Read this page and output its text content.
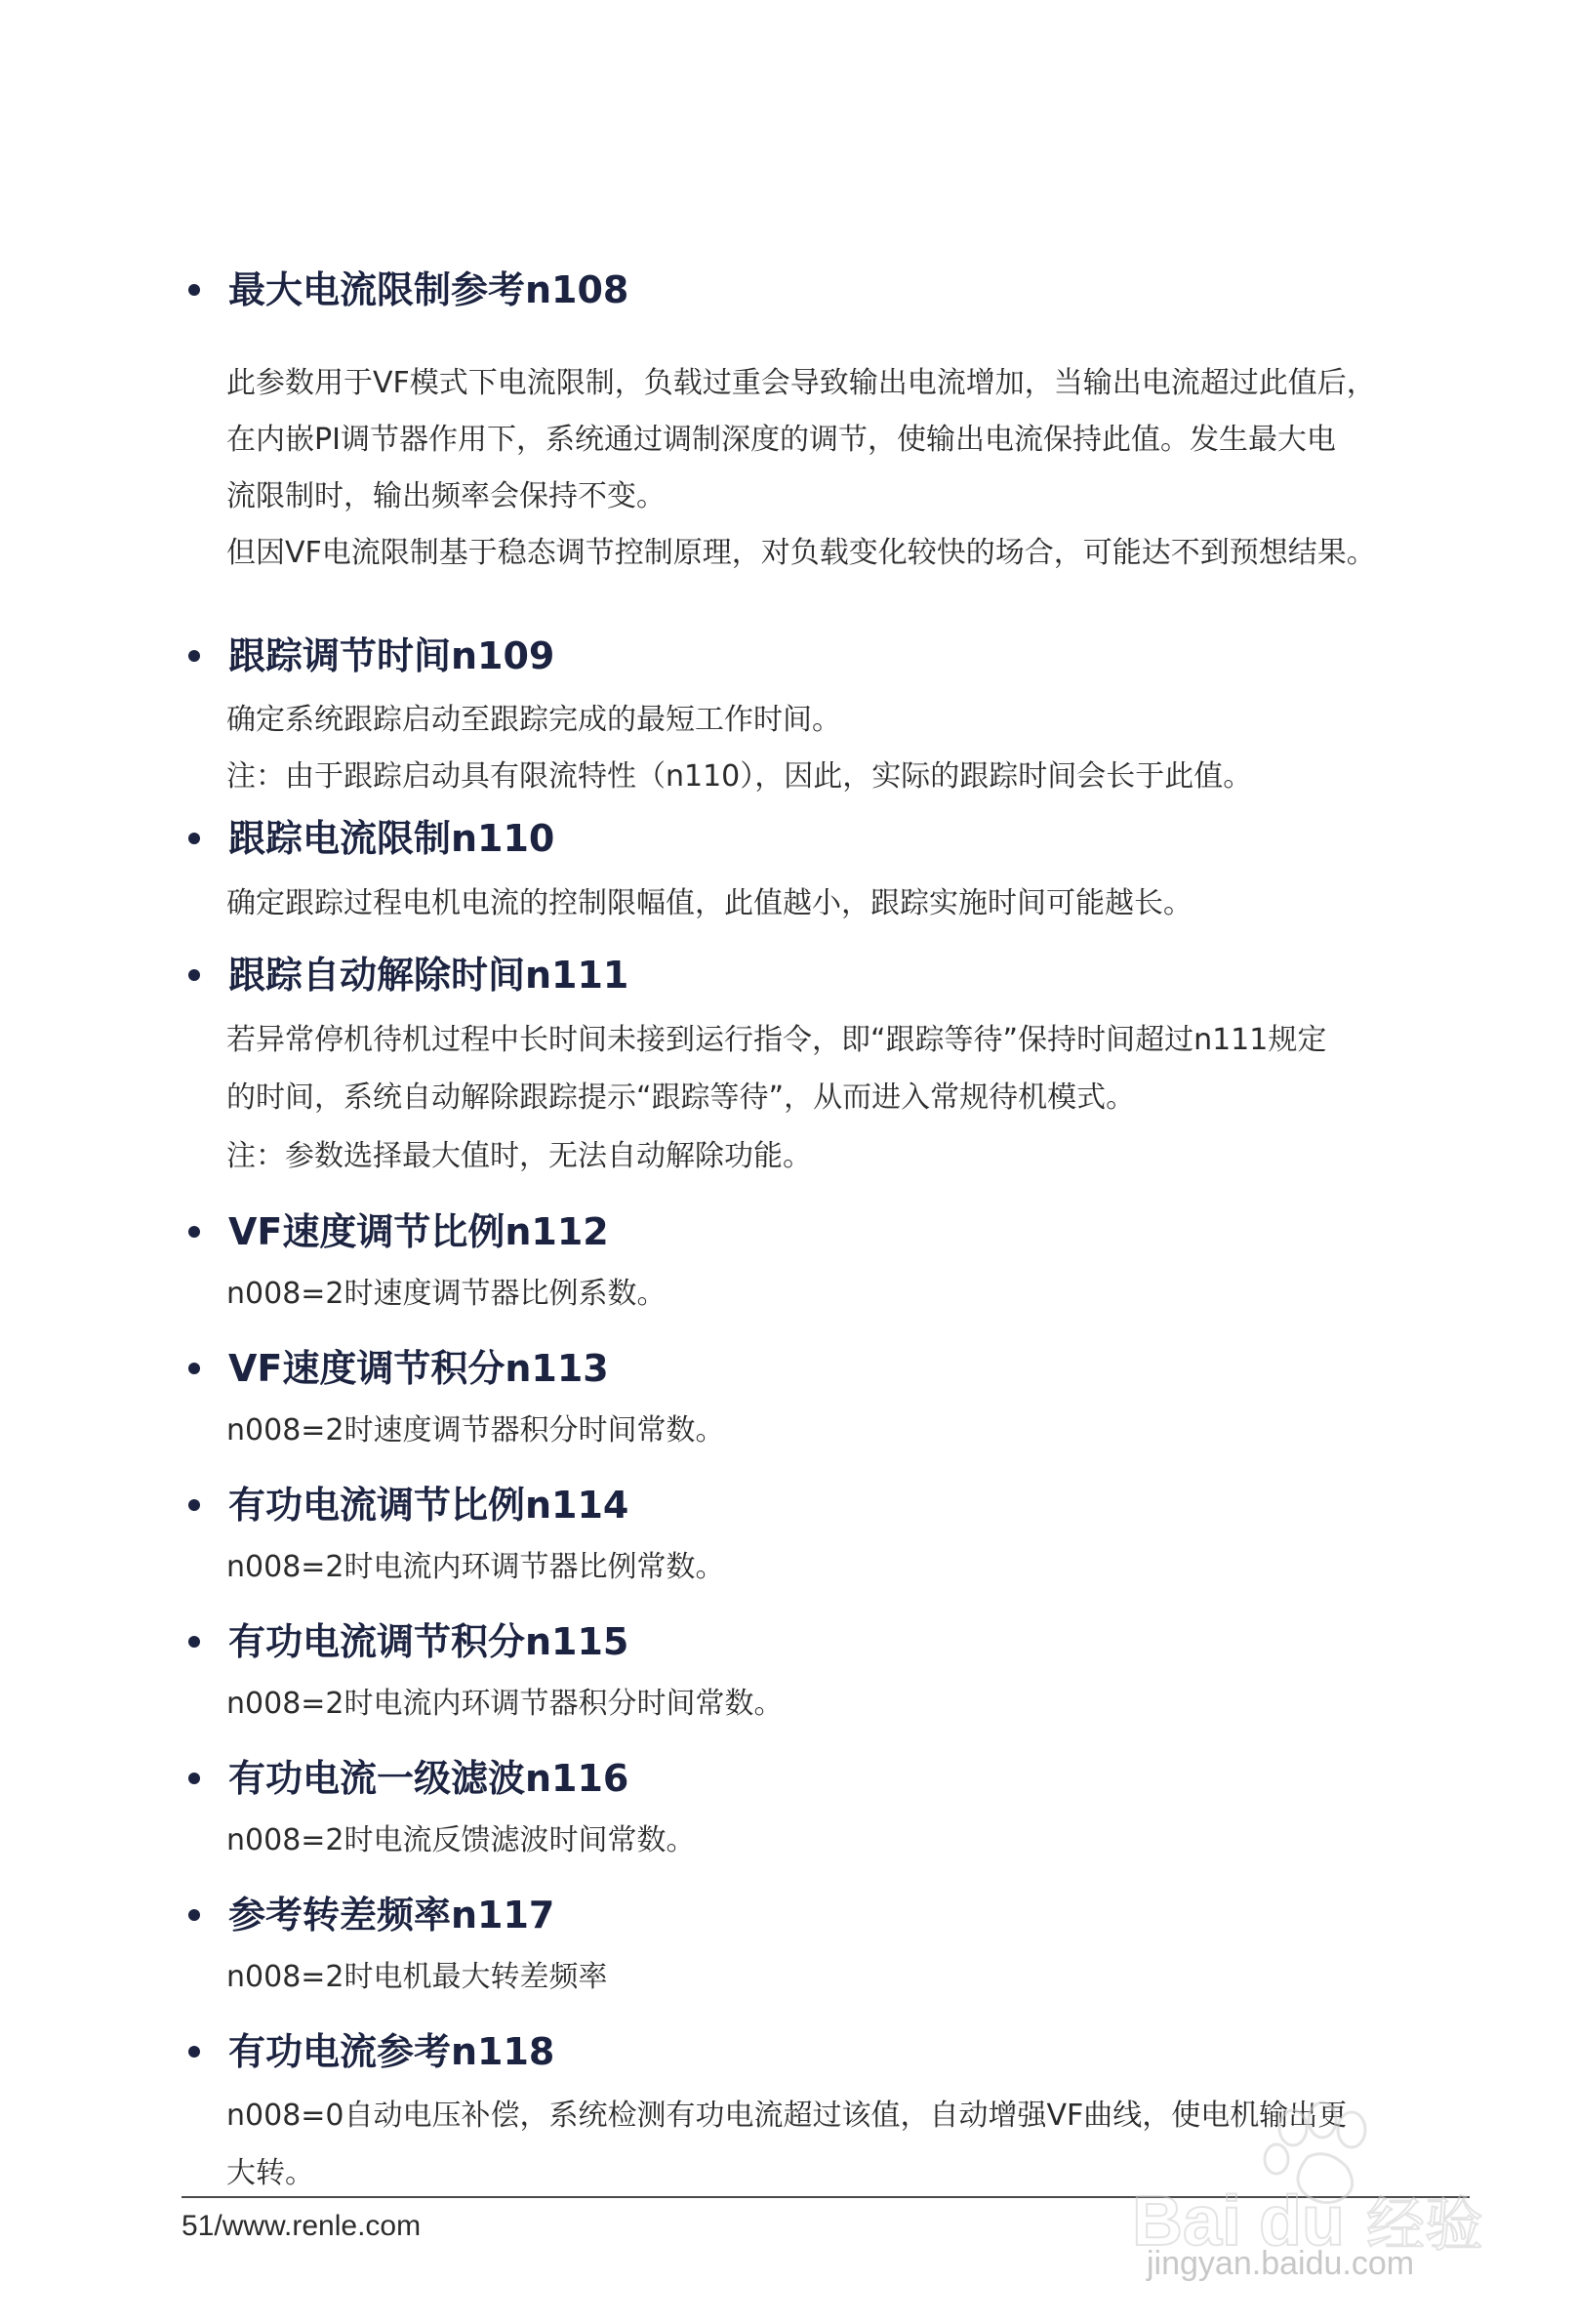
最大电流限制参考n108

此参数用于VF模式下电流限制，负载过重会导致输出电流增加，当输出电流超过此值后，

在内嵌PI调节器作用下，系统通过调制深度的调节，使输出电流保持此值。发生最大电

流限制时，输出频率会保持不变。

但因VF电流限制基于稳态调节控制原理，对负载变化较快的场合，可能达不到预想结果。

跟踪调节时间n109

确定系统跟踪启动至跟踪完成的最短工作时间。

注：由于跟踪启动具有限流特性（n110），因此，实际的跟踪时间会长于此值。

跟踪电流限制n110

确定跟踪过程电机电流的控制限幅值，此值越小，跟踪实施时间可能越长。

跟踪自动解除时间n111

若异常停机待机过程中长时间未接到运行指令，即“跟踪等待”保持时间超过n111规定

的时间，系统自动解除跟踪提示“跟踪等待”，从而进入常规待机模式。

注：参数选择最大值时，无法自动解除功能。

VF速度调节比例n112

n008=2时速度调节器比例系数。

VF速度调节积分n113

n008=2时速度调节器积分时间常数。

有功电流调节比例n114

n008=2时电流内环调节器比例常数。

有功电流调节积分n115

n008=2时电流内环调节器积分时间常数。

有功电流一级滤波n116

n008=2时电流反馈滤波时间常数。

参考转差频率n117

n008=2时电机最大转差频率

有功电流参考n118

n008=0自动电压补偿，系统检测有功电流超过该值，自动增强VF曲线，使电机输出更

大转。

51/www.renle.com	Bai du 经验
jingyan.baidu.com
